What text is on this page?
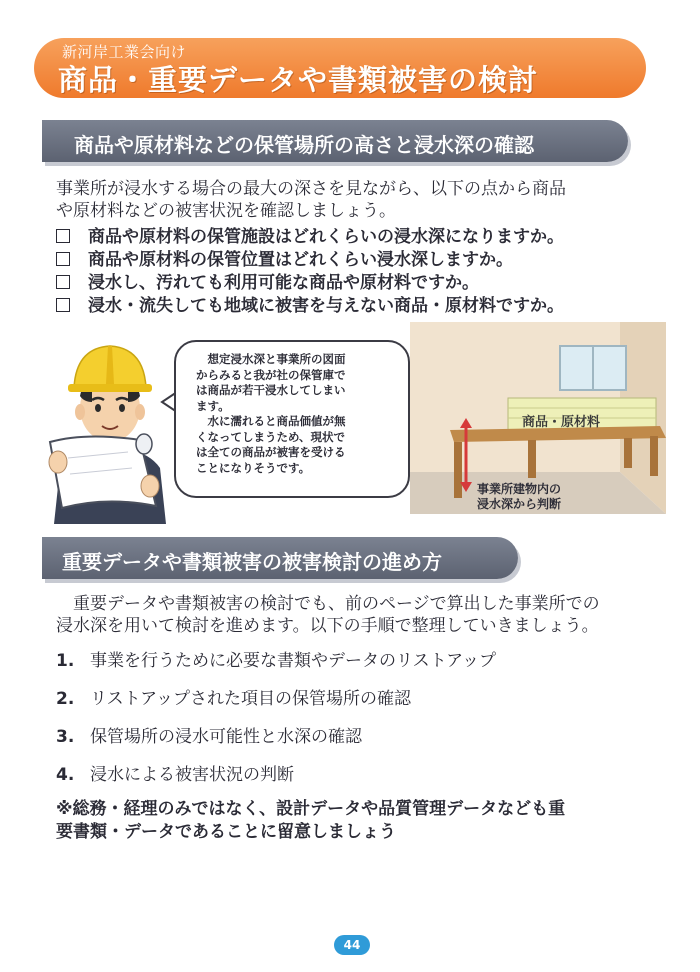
新河岸工業会向け
商品・重要データや書類被害の検討
商品や原材料などの保管場所の高さと浸水深の確認
事業所が浸水する場合の最大の深さを見ながら、以下の点から商品
や原材料などの被害状況を確認しましょう。
商品や原材料の保管施設はどれくらいの浸水深になりますか。
商品や原材料の保管位置はどれくらい浸水深しますか。
浸水し、汚れても利用可能な商品や原材料ですか。
浸水・流失しても地域に被害を与えない商品・原材料ですか。
　想定浸水深と事業所の図面
からみると我が社の保管庫で
は商品が若干浸水してしまい
ます。
　水に濡れると商品価値が無
くなってしまうため、現状で
は全ての商品が被害を受ける
ことになりそうです。
商品・原材料
事業所建物内の
浸水深から判断
重要データや書類被害の被害検討の進め方
　重要データや書類被害の検討でも、前のページで算出した事業所での
浸水深を用いて検討を進めます。以下の手順で整理していきましょう。
1. 事業を行うために必要な書類やデータのリストアップ
2. リストアップされた項目の保管場所の確認
3. 保管場所の浸水可能性と水深の確認
4. 浸水による被害状況の判断
※総務・経理のみではなく、設計データや品質管理データなども重
要書類・データであることに留意しましょう
44
